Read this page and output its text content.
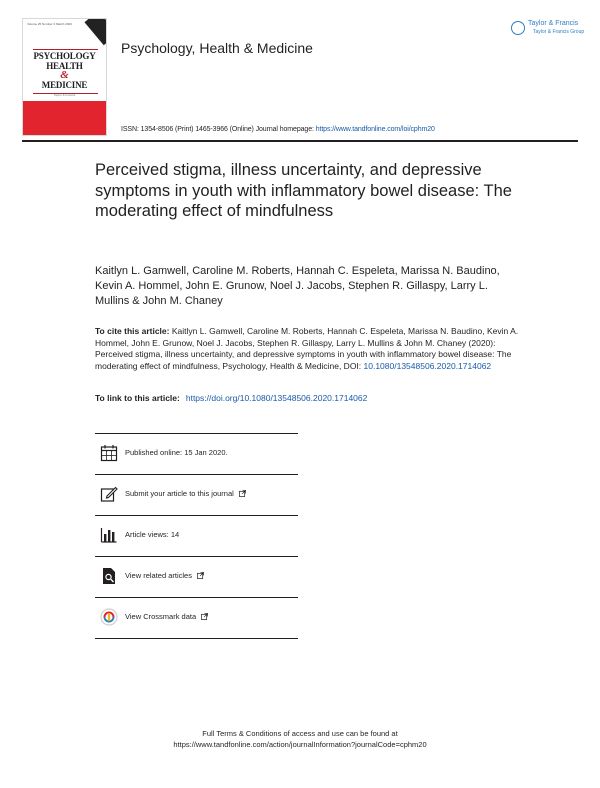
Volume 25 Number 3 March 2020
PSYCHOLOGY
HEALTH
&
MEDICINE
Taylor & Francis
Psychology, Health & Medicine
Taylor & Francis
Taylor & Francis Group
ISSN: 1354-8506 (Print) 1465-3966 (Online) Journal homepage: https://www.tandfonline.com/loi/cphm20
Perceived stigma, illness uncertainty, and depressive symptoms in youth with inflammatory bowel disease: The moderating effect of mindfulness
Kaitlyn L. Gamwell, Caroline M. Roberts, Hannah C. Espeleta, Marissa N. Baudino, Kevin A. Hommel, John E. Grunow, Noel J. Jacobs, Stephen R. Gillaspy, Larry L. Mullins & John M. Chaney
To cite this article: Kaitlyn L. Gamwell, Caroline M. Roberts, Hannah C. Espeleta, Marissa N. Baudino, Kevin A. Hommel, John E. Grunow, Noel J. Jacobs, Stephen R. Gillaspy, Larry L. Mullins & John M. Chaney (2020): Perceived stigma, illness uncertainty, and depressive symptoms in youth with inflammatory bowel disease: The moderating effect of mindfulness, Psychology, Health & Medicine, DOI: 10.1080/13548506.2020.1714062
To link to this article: https://doi.org/10.1080/13548506.2020.1714062
Published online: 15 Jan 2020.
Submit your article to this journal
Article views: 14
View related articles
View Crossmark data
Full Terms & Conditions of access and use can be found at
https://www.tandfonline.com/action/journalInformation?journalCode=cphm20
